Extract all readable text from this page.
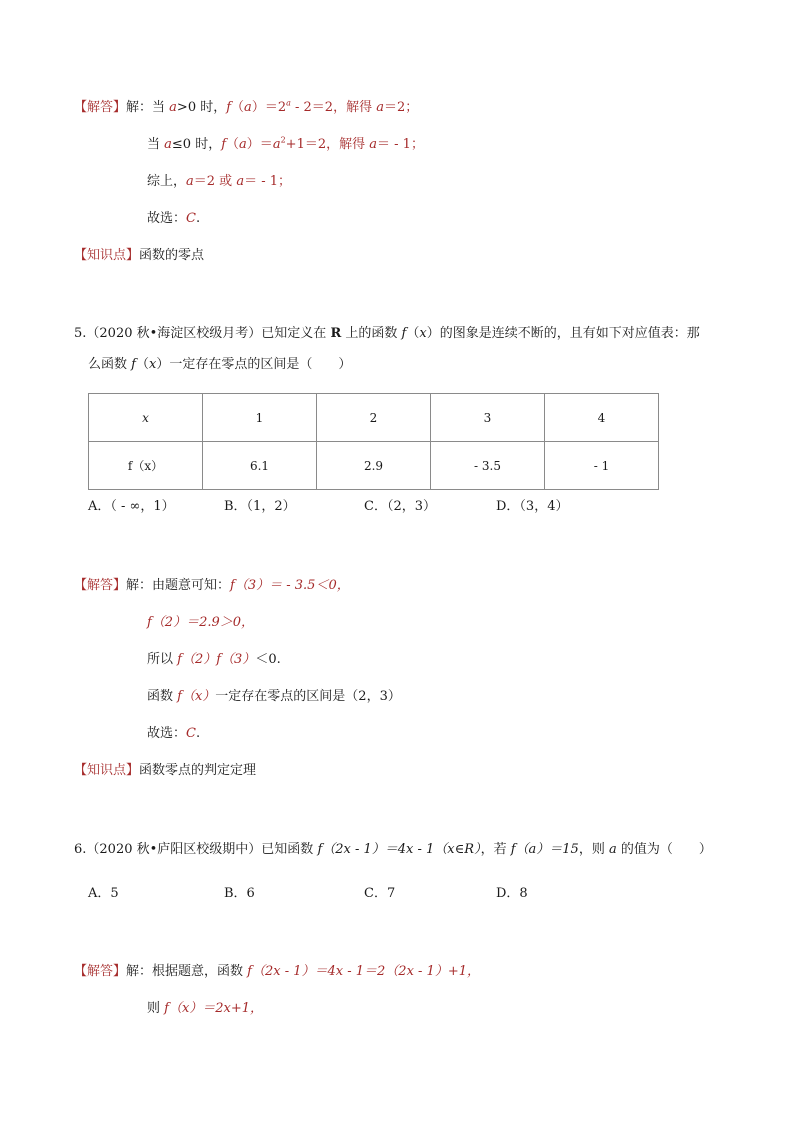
【解答】解：当 a>0 时，$f(a)=2^a - 2=2$，解得 a＝2；
当 a≤0 时，$f(a)=a^2+1=2$，解得 a＝ - 1；
综上，a＝2 或 a＝ - 1；
故选：C.
【知识点】函数的零点
5.（2020 秋•海淀区校级月考）已知定义在 R 上的函数 f（x）的图象是连续不断的，且有如下对应值表：那
么函数 f（x）一定存在零点的区间是（　　）
x	1	2	3	4
f（x）	6.1	2.9	- 3.5	- 1
A．（ - ∞，1）	B．（1，2）	C．（2，3）	D．（3，4）
【解答】解：由题意可知：f（3）＝ - 3.5＜0，
f（2）＝2.9＞0，
所以 f（2）f（3）＜0.
函数 f（x）一定存在零点的区间是（2，3）
故选：C.
【知识点】函数零点的判定定理
6.（2020 秋•庐阳区校级期中）已知函数 f（2x - 1）＝4x - 1（x∈R），若 f（a）＝15，则 a 的值为（　　）
A．5	B．6	C．7	D．8
【解答】解：根据题意，函数 f（2x - 1）＝4x - 1＝2（2x - 1）+1，
则 f（x）＝2x+1，
